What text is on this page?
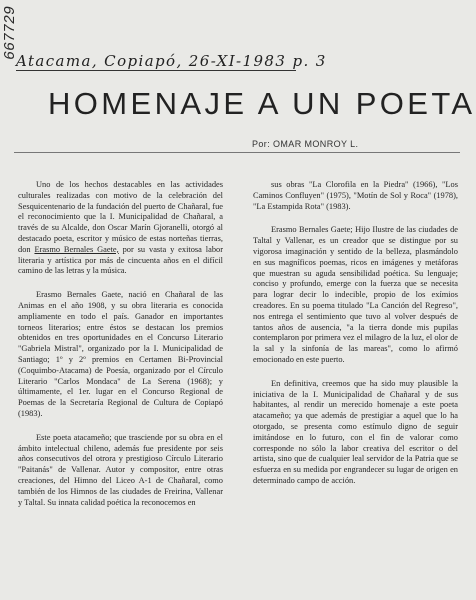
667729
Atacama, Copiapó, 26-XI-1983 p. 3
HOMENAJE A UN POETA
Por: OMAR MONROY L.

Uno de los hechos destacables en las actividades culturales realizadas con motivo de la celebración del Sesquicentenario de la fundación del puerto de Chañaral, fue el reconocimiento que la I. Municipalidad de Chañaral, a través de su Alcalde, don Oscar Marín Gjoranelli, otorgó al destacado poeta, escritor y músico de estas norteñas tierras, don Erasmo Bernales Gaete, por su vasta y exitosa labor literaria y artística por más de cincuenta años en el difícil camino de las letras y la música.

Erasmo Bernales Gaete, nació en Chañaral de las Animas en el año 1908, y su obra literaria es conocida ampliamente en todo el país. Ganador en importantes torneos literarios; entre éstos se destacan los premios obtenidos en tres oportunidades en el Concurso Literario "Gabriela Mistral", organizado por la I. Municipalidad de Santiago; 1º y 2º premios en Certamen Bi-Provincial (Coquimbo-Atacama) de Poesía, organizado por el Círculo Literario "Carlos Mondaca" de La Serena (1968); y últimamente, el 1er. lugar en el Concurso Regional de Poemas de la Secretaría Regional de Cultura de Copiapó (1983).

Este poeta atacameño; que trasciende por su obra en el ámbito intelectual chileno, además fue presidente por seis años consecutivos del otrora y prestigioso Círculo Literario "Paitanás" de Vallenar. Autor y compositor, entre otras creaciones, del Himno del Liceo A-1 de Chañaral, como también de los Himnos de las ciudades de Freirina, Vallenar y Taltal. Su innata calidad poética la reconocemos en

sus obras "La Clorofila en la Piedra" (1966), "Los Caminos Confluyen" (1975), "Motín de Sol y Roca" (1978), "La Estampida Rota" (1983).

Erasmo Bernales Gaete; Hijo Ilustre de las ciudades de Taltal y Vallenar, es un creador que se distingue por su vigorosa imaginación y sentido de la belleza, plasmándolo en sus magníficos poemas, ricos en imágenes y metáforas que muestran su aguda sensibilidad poética. Su lenguaje; conciso y profundo, emerge con la fuerza que se necesita para lograr decir lo indecible, propio de los exímios creadores. En su poema titulado "La Canción del Regreso", nos entrega el sentimiento que tuvo al volver después de tantos años de ausencia, "a la tierra donde mis pupilas contemplaron por primera vez el milagro de la luz, el olor de la sal y la sinfonía de las mareas", como lo afirmó emocionado en este puerto.

En definitiva, creemos que ha sido muy plausible la iniciativa de la I. Municipalidad de Chañaral y de sus habitantes, al rendir un merecido homenaje a este poeta atacameño; ya que además de prestigiar a aquel que lo ha otorgado, se presenta como estímulo digno de seguir imitándose en lo futuro, con el fin de valorar como corresponde no sólo la labor creativa del escritor o del artista, sino que de cualquier leal servidor de la Patria que se esfuerza en su medida por engrandecer su lugar de origen en determinado campo de acción.
